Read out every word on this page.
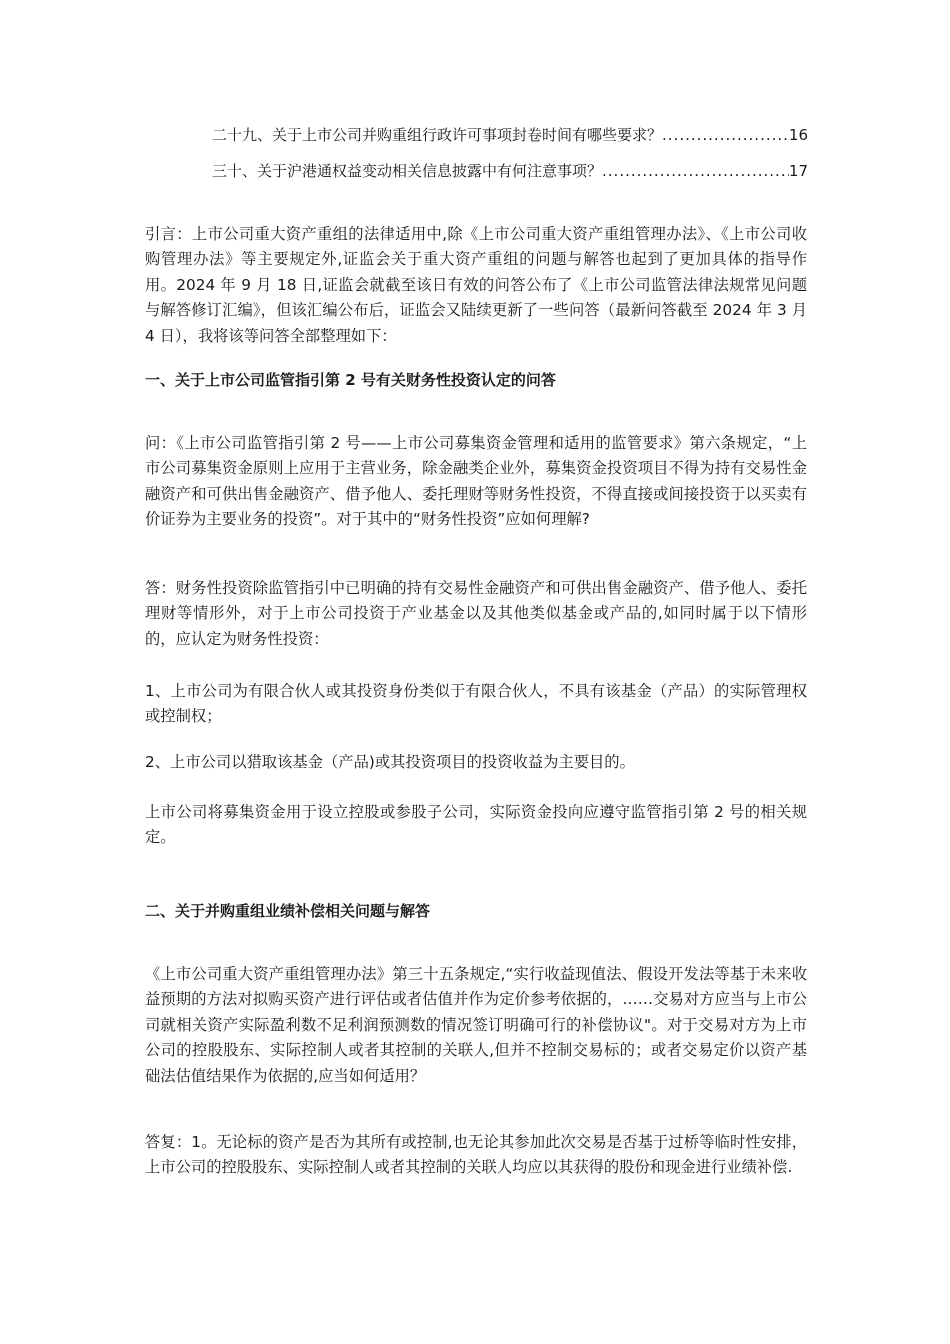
二十九、关于上市公司并购重组行政许可事项封卷时间有哪些要求？ .....	16
三十、关于沪港通权益变动相关信息披露中有何注意事项？ .....	17

引言：上市公司重大资产重组的法律适用中,除《上市公司重大资产重组管理办法》、《上市公司收购管理办法》等主要规定外,证监会关于重大资产重组的问题与解答也起到了更加具体的指导作用。2024 年 9 月 18 日,证监会就截至该日有效的问答公布了《上市公司监管法律法规常见问题与解答修订汇编》，但该汇编公布后，证监会又陆续更新了一些问答（最新问答截至 2024 年 3 月 4 日），我将该等问答全部整理如下：

一、关于上市公司监管指引第 2 号有关财务性投资认定的问答

问：《上市公司监管指引第 2 号——上市公司募集资金管理和适用的监管要求》第六条规定，“上市公司募集资金原则上应用于主营业务，除金融类企业外，募集资金投资项目不得为持有交易性金融资产和可供出售金融资产、借予他人、委托理财等财务性投资，不得直接或间接投资于以买卖有价证券为主要业务的投资”。对于其中的“财务性投资”应如何理解?

答：财务性投资除监管指引中已明确的持有交易性金融资产和可供出售金融资产、借予他人、委托理财等情形外，对于上市公司投资于产业基金以及其他类似基金或产品的,如同时属于以下情形的，应认定为财务性投资：

1、上市公司为有限合伙人或其投资身份类似于有限合伙人，不具有该基金（产品）的实际管理权或控制权；

2、上市公司以猎取该基金（产品)或其投资项目的投资收益为主要目的。

上市公司将募集资金用于设立控股或参股子公司，实际资金投向应遵守监管指引第 2 号的相关规定。

二、关于并购重组业绩补偿相关问题与解答

《上市公司重大资产重组管理办法》第三十五条规定,“实行收益现值法、假设开发法等基于未来收益预期的方法对拟购买资产进行评估或者估值并作为定价参考依据的，……交易对方应当与上市公司就相关资产实际盈利数不足利润预测数的情况签订明确可行的补偿协议"。对于交易对方为上市公司的控股股东、实际控制人或者其控制的关联人,但并不控制交易标的；或者交易定价以资产基础法估值结果作为依据的,应当如何适用？

答复：1。无论标的资产是否为其所有或控制,也无论其参加此次交易是否基于过桥等临时性安排，上市公司的控股股东、实际控制人或者其控制的关联人均应以其获得的股份和现金进行业绩补偿.
